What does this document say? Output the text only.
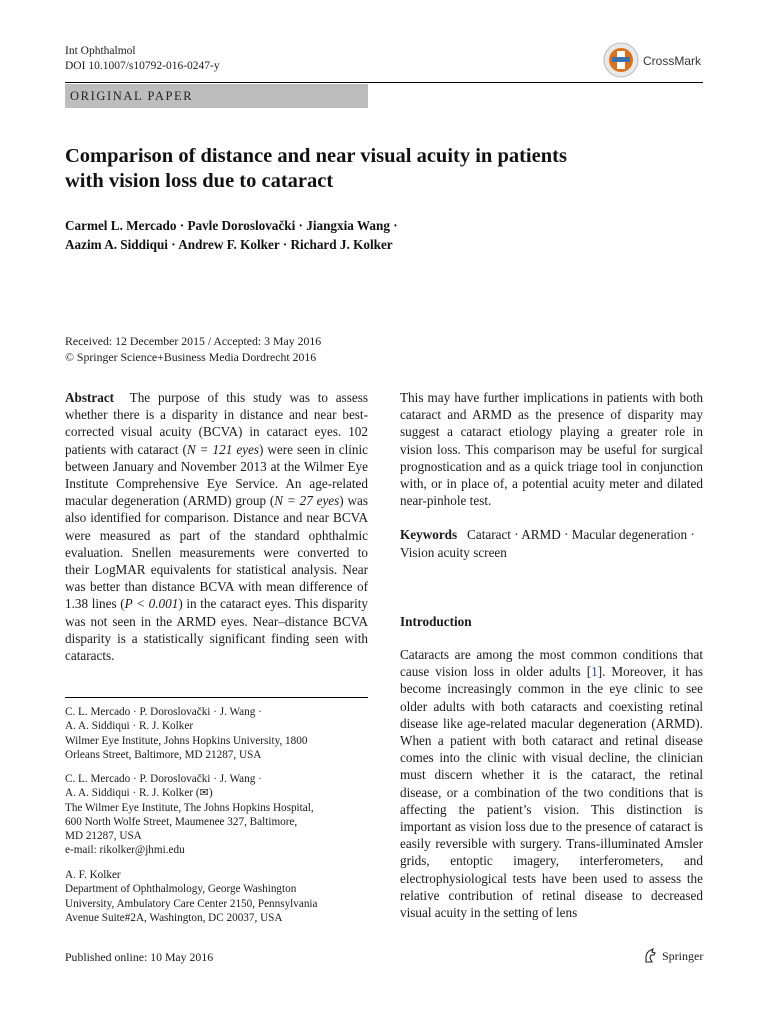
Int Ophthalmol
DOI 10.1007/s10792-016-0247-y	CrossMark
ORIGINAL PAPER
Comparison of distance and near visual acuity in patients
with vision loss due to cataract
Carmel L. Mercado · Pavle Doroslovački · Jiangxia Wang ·
Aazim A. Siddiqui · Andrew F. Kolker · Richard J. Kolker
Received: 12 December 2015 / Accepted: 3 May 2016
© Springer Science+Business Media Dordrecht 2016

Abstract The purpose of this study was to assess whether there is a disparity in distance and near best-corrected visual acuity (BCVA) in cataract eyes. 102 patients with cataract (N = 121 eyes) were seen in clinic between January and November 2013 at the Wilmer Eye Institute Comprehensive Eye Service. An age-related macular degeneration (ARMD) group (N = 27 eyes) was also identified for comparison. Distance and near BCVA were measured as part of the standard ophthalmic evaluation. Snellen measurements were converted to their LogMAR equivalents for statistical analysis. Near was better than distance BCVA with mean difference of 1.38 lines (P < 0.001) in the cataract eyes. This disparity was not seen in the ARMD eyes. Near–distance BCVA disparity is a statistically significant finding seen with cataracts.

C. L. Mercado · P. Doroslovački · J. Wang ·
A. A. Siddiqui · R. J. Kolker
Wilmer Eye Institute, Johns Hopkins University, 1800
Orleans Street, Baltimore, MD 21287, USA
C. L. Mercado · P. Doroslovački · J. Wang ·
A. A. Siddiqui · R. J. Kolker (✉)
The Wilmer Eye Institute, The Johns Hopkins Hospital,
600 North Wolfe Street, Maumenee 327, Baltimore,
MD 21287, USA
e-mail: rikolker@jhmi.edu
A. F. Kolker
Department of Ophthalmology, George Washington
University, Ambulatory Care Center 2150, Pennsylvania
Avenue Suite#2A, Washington, DC 20037, USA

This may have further implications in patients with both cataract and ARMD as the presence of disparity may suggest a cataract etiology playing a greater role in vision loss. This comparison may be useful for surgical prognostication and as a quick triage tool in conjunction with, or in place of, a potential acuity meter and dilated near-pinhole test.

Keywords Cataract · ARMD · Macular degeneration · Vision acuity screen

Introduction

Cataracts are among the most common conditions that cause vision loss in older adults [1]. Moreover, it has become increasingly common in the eye clinic to see older adults with both cataracts and coexisting retinal disease like age-related macular degeneration (ARMD). When a patient with both cataract and retinal disease comes into the clinic with visual decline, the clinician must discern whether it is the cataract, the retinal disease, or a combination of the two conditions that is affecting the patient’s vision. This distinction is important as vision loss due to the presence of cataract is easily reversible with surgery. Trans-illuminated Amsler grids, entoptic imagery, interferometers, and electrophysiological tests have been used to assess the relative contribution of retinal disease to decreased visual acuity in the setting of lens

Published online: 10 May 2016	Springer
